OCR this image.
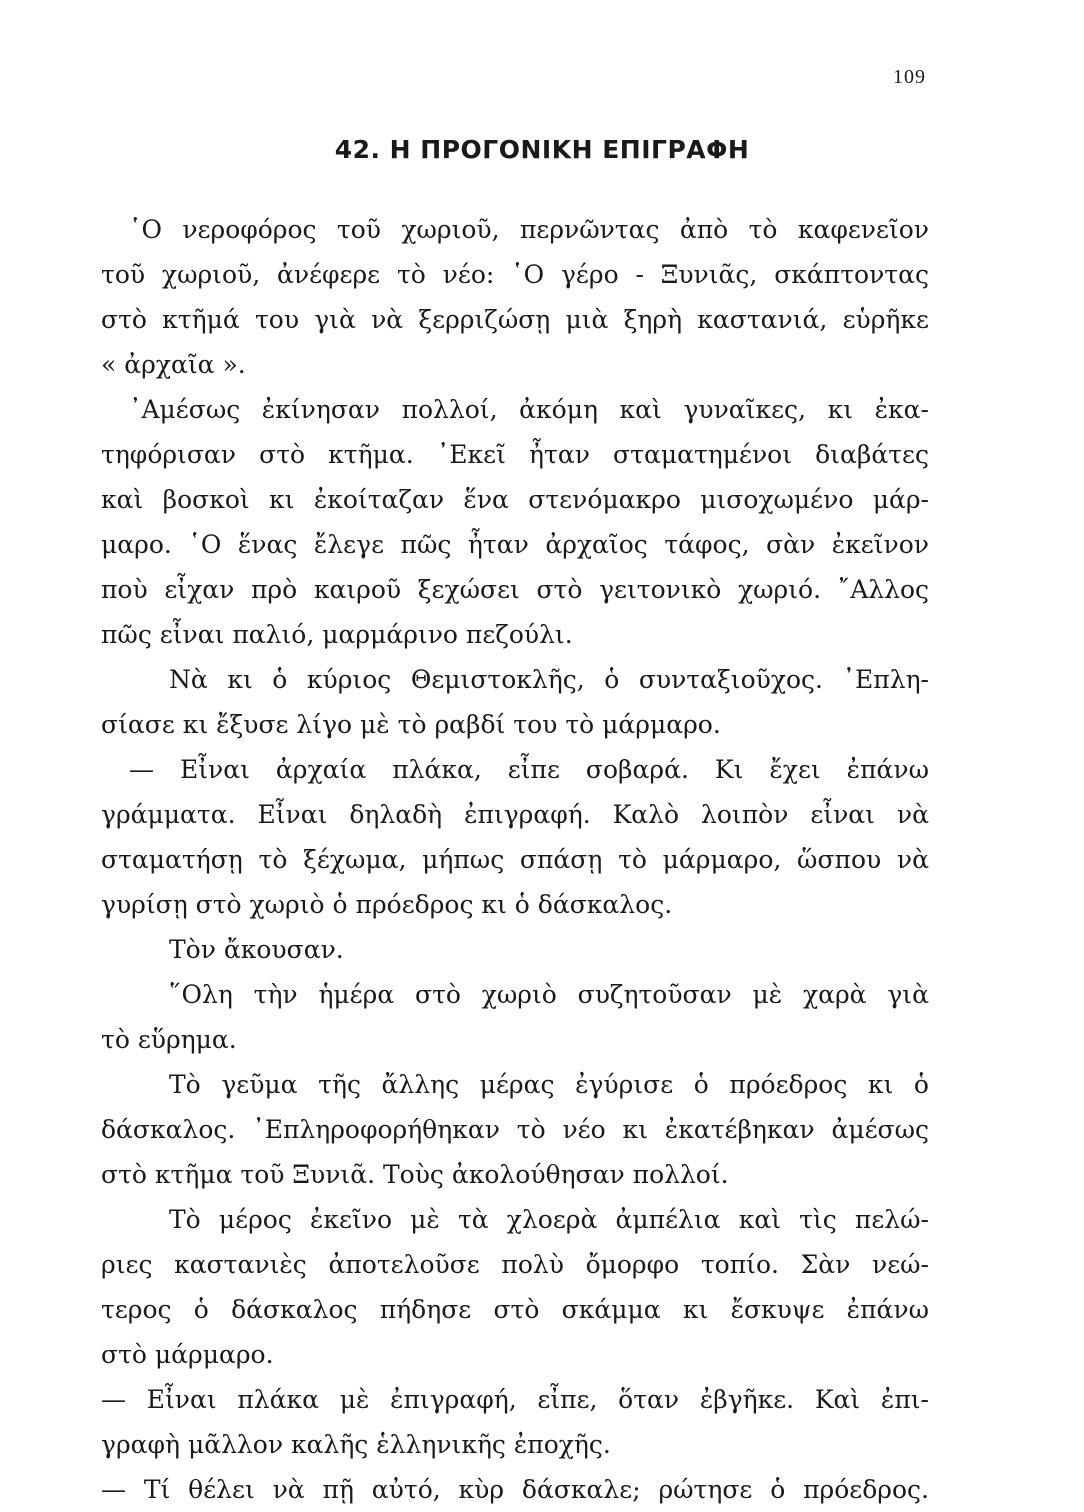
109
42. Η ΠΡΟΓΟΝΙΚΗ ΕΠΙΓΡΑΦΗ
῾Ο νεροφόρος τοῦ χωριοῦ, περνῶντας ἀπὸ τὸ καφενεῖον
τοῦ χωριοῦ, ἀνέφερε τὸ νέο: ῾Ο γέρο - Ξυνιᾶς, σκάπτοντας
στὸ κτῆμά του γιὰ νὰ ξερριζώσῃ μιὰ ξηρὴ καστανιά, εὑρῆκε
« ἀρχαῖα ».
᾿Αμέσως ἐκίνησαν πολλοί, ἀκόμη καὶ γυναῖκες, κι ἐκα-
τηφόρισαν στὸ κτῆμα. ᾿Εκεῖ ἦταν σταματημένοι διαβάτες
καὶ βοσκοὶ κι ἐκοίταζαν ἕνα στενόμακρο μισοχωμένο μάρ-
μαρο. ῾Ο ἕνας ἔλεγε πῶς ἦταν ἀρχαῖος τάφος, σὰν ἐκεῖνον
ποὺ εἶχαν πρὸ καιροῦ ξεχώσει στὸ γειτονικὸ χωριό. ῎Αλλος
πῶς εἶναι παλιό, μαρμάρινο πεζούλι.
Νὰ κι ὁ κύριος Θεμιστοκλῆς, ὁ συνταξιοῦχος. ᾿Επλη-
σίασε κι ἔξυσε λίγο μὲ τὸ ραβδί του τὸ μάρμαρο.
— Εἶναι ἀρχαία πλάκα, εἶπε σοβαρά. Κι ἔχει ἐπάνω
γράμματα. Εἶναι δηλαδὴ ἐπιγραφή. Καλὸ λοιπὸν εἶναι νὰ
σταματήσῃ τὸ ξέχωμα, μήπως σπάσῃ τὸ μάρμαρο, ὥσπου νὰ
γυρίσῃ στὸ χωριὸ ὁ πρόεδρος κι ὁ δάσκαλος.
Τὸν ἄκουσαν.
῞Ολη τὴν ἡμέρα στὸ χωριὸ συζητοῦσαν μὲ χαρὰ γιὰ
τὸ εὕρημα.
Τὸ γεῦμα τῆς ἄλλης μέρας ἐγύρισε ὁ πρόεδρος κι ὁ
δάσκαλος. ᾿Επληροφορήθηκαν τὸ νέο κι ἐκατέβηκαν ἀμέσως
στὸ κτῆμα τοῦ Ξυνιᾶ. Τοὺς ἀκολούθησαν πολλοί.
Τὸ μέρος ἐκεῖνο μὲ τὰ χλοερὰ ἀμπέλια καὶ τὶς πελώ-
ριες καστανιὲς ἀποτελοῦσε πολὺ ὄμορφο τοπίο. Σὰν νεώ-
τερος ὁ δάσκαλος πήδησε στὸ σκάμμα κι ἔσκυψε ἐπάνω
στὸ μάρμαρο.
— Εἶναι πλάκα μὲ ἐπιγραφή, εἶπε, ὅταν ἐβγῆκε. Καὶ ἐπι-
γραφὴ μᾶλλον καλῆς ἑλληνικῆς ἐποχῆς.
— Τί θέλει νὰ πῇ αὐτό, κὺρ δάσκαλε; ρώτησε ὁ πρόεδρος.
